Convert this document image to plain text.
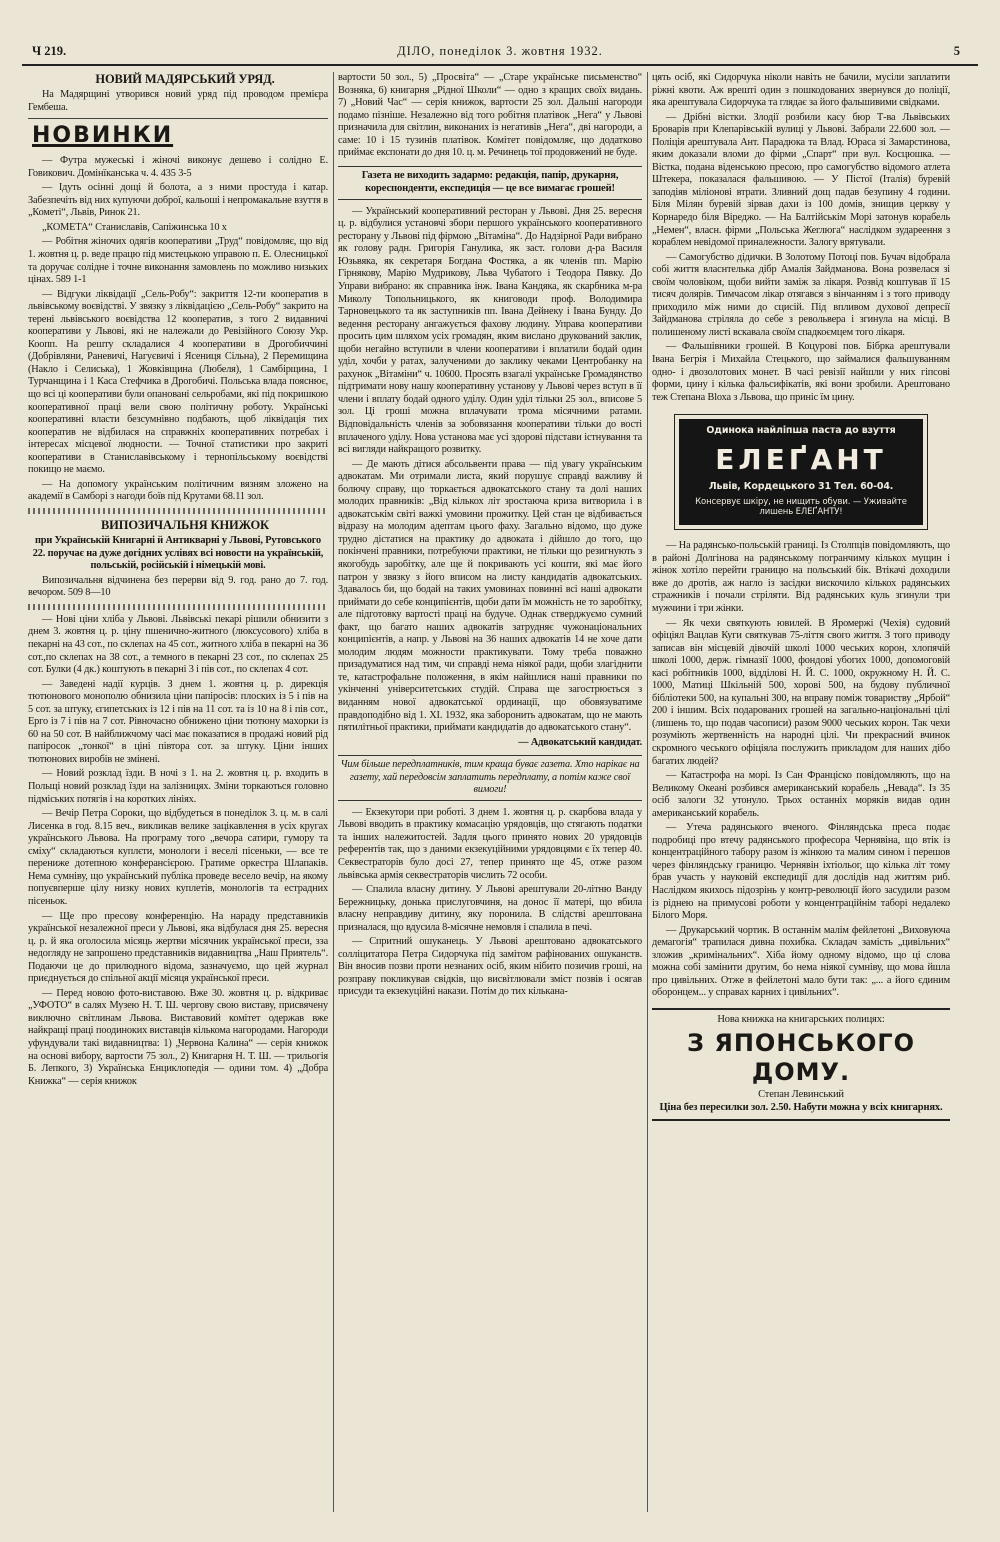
Ч 219.	ДІЛО, понеділок 3. жовтня 1932.	5

НОВИЙ МАДЯРСЬКИЙ УРЯД.

На Мадярщині утворився новий уряд під проводом премієра Гембеша.

НОВИНКИ

— Футра мужеські і жіночі виконує дешево і солідно Е. Говикович. Домінїканська ч. 4. 435 3-5

— Ідуть осінні дощі й болота, а з ними простуда і катар. Забезпечіть від них купуючи доброї, кальоші і непромакальне взуття в „Кометі“, Львів, Ринок 21.

„КОМЕТА“ Станиславів, Сапіжинська 10 х

— Робітня жіночих одягів кооперативи „Труд“ повідомляє, що від 1. жовтня ц. р. веде працю під мистецькою управою п. Е. Олесницької та доручає солідне і точне виконання замовлень по можливо низьких цінах. 589 1-1

— Відгуки ліквідації „Сель-Робу“: закриття 12-ти кооператив в львівському воєвідстві. У звязку з ліквідацією „Сель-Робу“ закрито на терені львівського воєвідства 12 кооператив, з того 2 видавничі кооперативи у Львові, які не належали до Ревізійного Союзу Укр. Коопп. На решту складалися 4 кооперативи в Дрогобиччині (Добрівляни, Раневичі, Нагуєвичі і Ясениця Сільна), 2 Перемищина (Накло і Селиська), 1 Жовківщина (Любеля), 1 Самбірщина, 1 Турчанщина і 1 Каса Стефчика в Дрогобичі. Польська влада пояснює, що всі ці кооперативи були опановані сельробами, які під покришкою кооперативної праці вели свою політичну роботу. Українські кооперативні власти безсумнівно подбають, щоб ліквідація тих кооператив не відбилася на справжніх кооперативних потребах і інтересах місцевої людности. — Точної статистики про закриті кооперативи в Станиславівському і тернопільському воєвідстві покищо не маємо.

— На допомогу українським політичним вязням зложено на академії в Самборі з нагоди боїв під Крутами 68.11 зол.

ВИПОЗИЧАЛЬНЯ КНИЖОК

при Українській Книгарні й Антикварні у Львові, Рутовського 22. поручає на дуже догідних услівях всі новости на українській, польській, російській і німецькій мові.

Випозичальня відчинена без перерви від 9. год. рано до 7. год. вечором. 509 8—10

— Нові ціни хліба у Львові. Львівські пекарі рішили обнизити з днем 3. жовтня ц. р. ціну пшенично-житного (люксусового) хліба в пекарні на 43 сот., по склепах на 45 сот., житного хліба в пекарні на 36 сот.,по склепах на 38 сот., а темного в пекарні 23 сот., по склепах 25 сот. Булки (4 дк.) коштують в пекарні 3 і пів сот., по склепах 4 сот.

— Заведені надії курців. З днем 1. жовтня ц. р. дирекція тютюнового монополю обнизила ціни папіросів: плоских із 5 і пів на 5 сот. за штуку, єгипетських із 12 і пів на 11 сот. та із 10 на 8 і пів сот., Ерго із 7 і пів на 7 сот. Рівночасно обнижено ціни тютюну махорки із 60 на 50 сот. В найближчому часі має показатися в продажі новий рід папіросок „тонкої“ в ціні півтора сот. за штуку. Ціни інших тютюнових виробів не змінені.

— Новий розклад їзди. В ночі з 1. на 2. жовтня ц. р. входить в Польщі новий розклад їзди на залізницях. Зміни торкаються головно підміських потягів і на коротких лініях.

— Вечір Петра Сороки, що відбудеться в понеділок 3. ц. м. в салі Лисенка в год. 8.15 веч., викликав велике зацікавлення в усіх кругах українського Львова. На програму того „вечора сатири, гумору та сміху“ складаються куплєти, монологи і веселі пісеньки, — все те перениже дотепною конферансієрою. Гратиме оркестра Шлапаків. Нема сумніву, що український публіка проведе весело вечір, на якому попуєвперше цілу низку нових куплетів, монологів та естрадних пісеньок.

— Ще про пресову конференцію. На нараду представників української незалежної преси у Львові, яка відбулася дня 25. вересня ц. р. й яка оголосила місяць жертви місячник української преси, зза недогляду не запрошено представників видавництва „Наш Приятель“. Подаючи це до прилюдного відома, зазначуємо, що цей журнал приєднується до спільної акції місяця української преси.

— Перед новою фото-виставою. Вже 30. жовтня ц. р. відкриває „УФОТО“ в салях Музею Н. Т. Ш. чергову свою виставу, присвячену виключно світлинам Львова. Виставовий комітет одержав вже найкращі праці поодиноких виставців кількома нагородами. Нагороди уфундували такі видавництва: 1) „Червона Калина“ — серія книжок на основі вибору, вартости 75 зол., 2) Книгарня Н. Т. Ш. — трильогія Б. Лепкого, 3) Українська Енциклопедія — одини том. 4) „Добра Книжка“ — серія книжок

вартости 50 зол., 5) „Просвіта“ — „Старе українське письменство“ Возняка, 6) книгарня „Рідної Школи“ — одно з кращих своїх видань. 7) „Новий Час“ — серія книжок, вартости 25 зол. Дальші нагороди подамо пізніше. Незалежно від того робітня платівок „Нега“ у Львові призначила для світлин, виконаних із негативів „Нега“, дві нагороди, а саме: 10 і 15 тузинів платівок. Комітет повідомляє, що додатково приймає експонати до дня 10. ц. м. Речинець тої продовжений не буде.

Газета не виходить задармо: редакція, папір, друкарня, кореспонденти, експедиція — це все вимагає грошей!

— Український кооперативний ресторан у Львові. Дня 25. вересня ц. р. відбулися установчі збори першого українського кооперативного ресторану у Львові під фірмою „Вітаміна“. До Надзірної Ради вибрано як голову радн. Григорія Ганулика, як заст. голови д-ра Василя Юзьвяка, як секретаря Богдана Фостяка, а як членів пп. Марію Гірнякову, Марію Мудрикову, Льва Чубатого і Теодора Пявку. До Управи вибрано: як справника інж. Івана Кандяка, як скарбника м-ра Миколу Топольницького, як книговоди проф. Володимира Тарновецького та як заступників пп. Івана Дейнеку і Івана Бунду. До ведення ресторану ангажується фахову людину. Управа кооперативи просить цим шляхом усіх громадян, яким вислано друкований заклик, щоби негайно вступили в члени кооперативи і вплатили бодай один уділ, хочби у ратах, залученими до заклику чеками Центробанку на рахунок „Вітаміни“ ч. 10600. Просять взагалі українське Громадянство підтримати нову нашу кооперативну установу у Львові через вступ в її члени і вплату бодай одного уділу. Один уділ тільки 25 зол., вписове 5 зол. Ці гроші можна вплачувати трома місячними ратами. Відповідальність членів за зобовязання кооперативи тільки до вості вплаченого уділу. Нова установа має усі здорові підстави істнування та всі вигляди найкращого розвитку.

— Де мають дітися абсольвенти права — під увагу українським адвокатам. Ми отримали листа, який порушує справді важливу й болючу справу, що торкається адвокатського стану та долі наших молодих правників: „Від кількох літ зростаюча криза витворила і в адвокатськім світі важкі умовини прожитку. Цей стан це відбивається відразу на молодим адептам цього фаху. Загально відомо, що дуже трудно дістатися на практику до адвоката і дійшло до того, що покінчені правники, потребуючи практики, не тільки що резигнують з якогобудь заробітку, але ще й покривають усі кошти, які має його патрон у звязку з його вписом на листу кандидатів адвокатських. Здавалось би, що бодай на таких умовинах повинні всі наші адвокати приймати до себе конципієнтів, щоби дати їм можність не то заробітку, але підготовку вартості праці на будуче. Однак стверджуємо сумний факт, що багато наших адвокатів затрудняє чужонаціональних конципієнтів, а напр. у Львові на 36 наших адвокатів 14 не хоче дати молодим людям можности практикувати. Тому треба поважно призадуматися над тим, чи справді нема ніякої ради, щоби злагіднити те, катастрофальне положення, в якім найшлися наші правники по укінченні університетських студій. Справа ще загострюється з виданням нової адвокатської ординації, що обовязуватиме правдоподібно від 1. XI. 1932, яка заборонить адвокатам, що не мають пятилітньої практики, приймати кандидатів до адвокатського стану“.

— Адвокатський кандидат.

Чим більше передплатників, тим краща буває газета. Хто нарікає на газету, хай передовсім заплатить передплату, а потім каже свої вимоги!

— Екзекутори при роботі. З днем 1. жовтня ц. р. скарбова влада у Львові вводить в практику комасацію урядовців, що стягають податки та інших належитостей. Задля цього принято нових 20 урядовців референтів так, що з даними екзекуційними урядовцями є їх тепер 40. Секвестраторів було досі 27, тепер принято ще 45, отже разом львівська армія секвестраторів числить 72 особи.

— Спалила власну дитину. У Львові арештували 20-літню Ванду Бережницьку, донька прислуговчиня, на донос її матері, що вбила власну неправдиву дитину, яку поронила. В слідстві арештована призналася, що вдусила 8-місячне немовля і спалила в печі.

— Спритний ошуканець. У Львові арештовано адвокатського солліцитатора Петра Сидорчука під замітом рафінованих ошуканств. Він вносив позви проти незнаних осіб, яким нібито позичив гроші, на розправу покликував свідків, що висвітлювали зміст позвів і осягав присуди та екзекуційні накази. Потім до тих кількана-

цять осіб, які Сидорчука ніколи навіть не бачили, мусіли заплатити ріжні квоти. Аж врешті один з пошкодованих звернувся до поліції, яка арештувала Сидорчука та глядає за його фальшивими свідками.

— Дрібні вістки. Злодії розбили касу бюр Т-ва Львівських Броварів при Клепарівській вулиці у Львові. Забрали 22.600 зол. — Поліція арештувала Ант. Парадюка та Влад. Юраса зі Замарстинова, яким доказали вломи до фірми „Спарт“ при вул. Косцюшка. — Вістка, подана віденською пресою, про самогубство відомого атлета Штекера, показалася фальшивою. — У Пістої (Італія) буревій заподіяв міліонові втрати. Зливний дощ падав безупину 4 години. Біля Мілян буревій зірвав дахи із 100 домів, знищив церкву у Корнаредо біля Віреджо. — На Балтійськім Морі затонув корабель „Немен“, власн. фірми „Польська Жеглюга“ наслідком зудареення з кораблем невідомої приналежности. Залогу врятували.

— Самогубство дідички. В Золотому Потоці пов. Бучач відобрала собі життя власнтелька дібр Амалія Зайдманова. Вона розвелася зі своїм чоловіком, щоби вийти заміж за лікаря. Розвід коштував її 15 тисяч долярів. Тимчасом лікар отягався з вінчанням і з того приводу приходило між ними до сцисій. Під впливом духової депресії Зайдманова стріляла до себе з револьвера і згинула на місці. В полишеному листі вскавала своїм спадкоємцем того лікаря.

— Фальшівники грошей. В Коцурові пов. Бібрка арештували Івана Бегрія і Михайла Стецького, що займалися фальшуванням одно- і двозолотових монет. В часі ревізії найшли у них гіпсові форми, цину і кілька фальсифікатів, які вони зробили. Арештовано теж Степана Вlоха з Львова, що приніс їм цину.

Одинока найліпша паста до взуття
ЕЛЕҐАНТ
Львів, Кордецького 31 Тел. 60-04.
Консервує шкіру, не нищить обуви. — Уживайте лишень ЕЛЕҐАНТУ!

— На радянсько-польській границі. Із Столпців повідомляють, що в районі Долгінова на радянському погранчиму кількох мущин і жінок хотіло перейти границю на польський бік. Втікачі доходили вже до дротів, аж нагло із засідки вискочило кількох радянських стражників і почали стріляти. Від радянських куль згинули три мужчини і три жінки.

— Як чехи святкують ювилей. В Яромержі (Чехія) судовий офіціял Вацлав Куги святкував 75-ліття свого життя. З того приводу записав він місцевій дівочій школі 1000 чеських корон, хлопячій школі 1000, держ. гімназії 1000, фондові убогих 1000, допомоговій касі робітників 1000, відділові Н. Й. С. 1000, окружному Н. Й. С. 1000, Матиці Шкільній 500, хорові 500, на будову публичної бібліотеки 500, на купальні 300, на вправу поміж товариству „Ярбой“ 200 і іншим. Всіх подарованих грошей на загально-національні цілі (лишень то, що подав часописи) разом 9000 чеських корон. Так чехи розуміють жертвенність на народні цілі. Чи прекрасний вчинок скромного чеського офіціяла послужить прикладом для наших дібо багатих людей?

— Катастрофа на морі. Із Сан Франціско повідомляють, що на Великому Океані розбився американський корабель „Невада“. Із 35 осіб залоги 32 утонуло. Трьох останніх моряків видав один американський корабель.

— Утеча радянського вченого. Фінляндська преса подає подробиці про втечу радянського професора Чернявіна, що втік із концентраційного табору разом із жінкою та малим сином і перешов через фінляндську границю. Чернявін іхтіольог, що кілька літ тому брав участь у науковій експедиції для дослідів над життям риб. Наслідком якихось підозрінь у контр-революції його засудили разом із ріднею на примусові роботи у концентраційнім таборі недалеко Білого Моря.

— Друкарський чортик. В останнім малім фейлетоні „Виховуюча демагогія“ трапилася дивна похибка. Складач замість „цивільних“ зложив „кримінальних“. Хіба йому одному відомо, що ці слова можна собі замінити другим, бо нема ніякої сумніву, що мова йшла про цивільних. Отже в фейлетоні мало бути так: „... а його єдиним оборонцем... у справах карних і цивільних“.

Нова книжка на книгарських полицях:
З ЯПОНСЬКОГО ДОМУ.
Степан Левинський
Ціна без пересилки зол. 2.50. Набути можна у всіх книгарнях.
